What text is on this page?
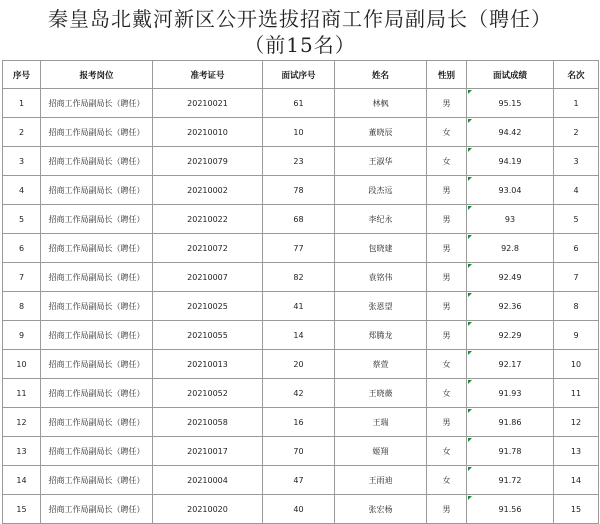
秦皇岛北戴河新区公开选拔招商工作局副局长（聘任）
（前15名）
序号	报考岗位	准考证号	面试序号	姓名	性别	面试成绩	名次
1	招商工作局副局长（聘任）	20210021	61	林枫	男	95.15	1
2	招商工作局副局长（聘任）	20210010	10	董晓辰	女	94.42	2
3	招商工作局副局长（聘任）	20210079	23	王淑华	女	94.19	3
4	招商工作局副局长（聘任）	20210002	78	段杰远	男	93.04	4
5	招商工作局副局长（聘任）	20210022	68	李纪永	男	93	5
6	招商工作局副局长（聘任）	20210072	77	包晓建	男	92.8	6
7	招商工作局副局长（聘任）	20210007	82	袁铭伟	男	92.49	7
8	招商工作局副局长（聘任）	20210025	41	张恩望	男	92.36	8
9	招商工作局副局长（聘任）	20210055	14	郑腾龙	男	92.29	9
10	招商工作局副局长（聘任）	20210013	20	蔡萱	女	92.17	10
11	招商工作局副局长（聘任）	20210052	42	王晓薇	女	91.93	11
12	招商工作局副局长（聘任）	20210058	16	王瑞	男	91.86	12
13	招商工作局副局长（聘任）	20210017	70	姬翔	女	91.78	13
14	招商工作局副局长（聘任）	20210004	47	王雨迪	女	91.72	14
15	招商工作局副局长（聘任）	20210020	40	张宏杨	男	91.56	15
